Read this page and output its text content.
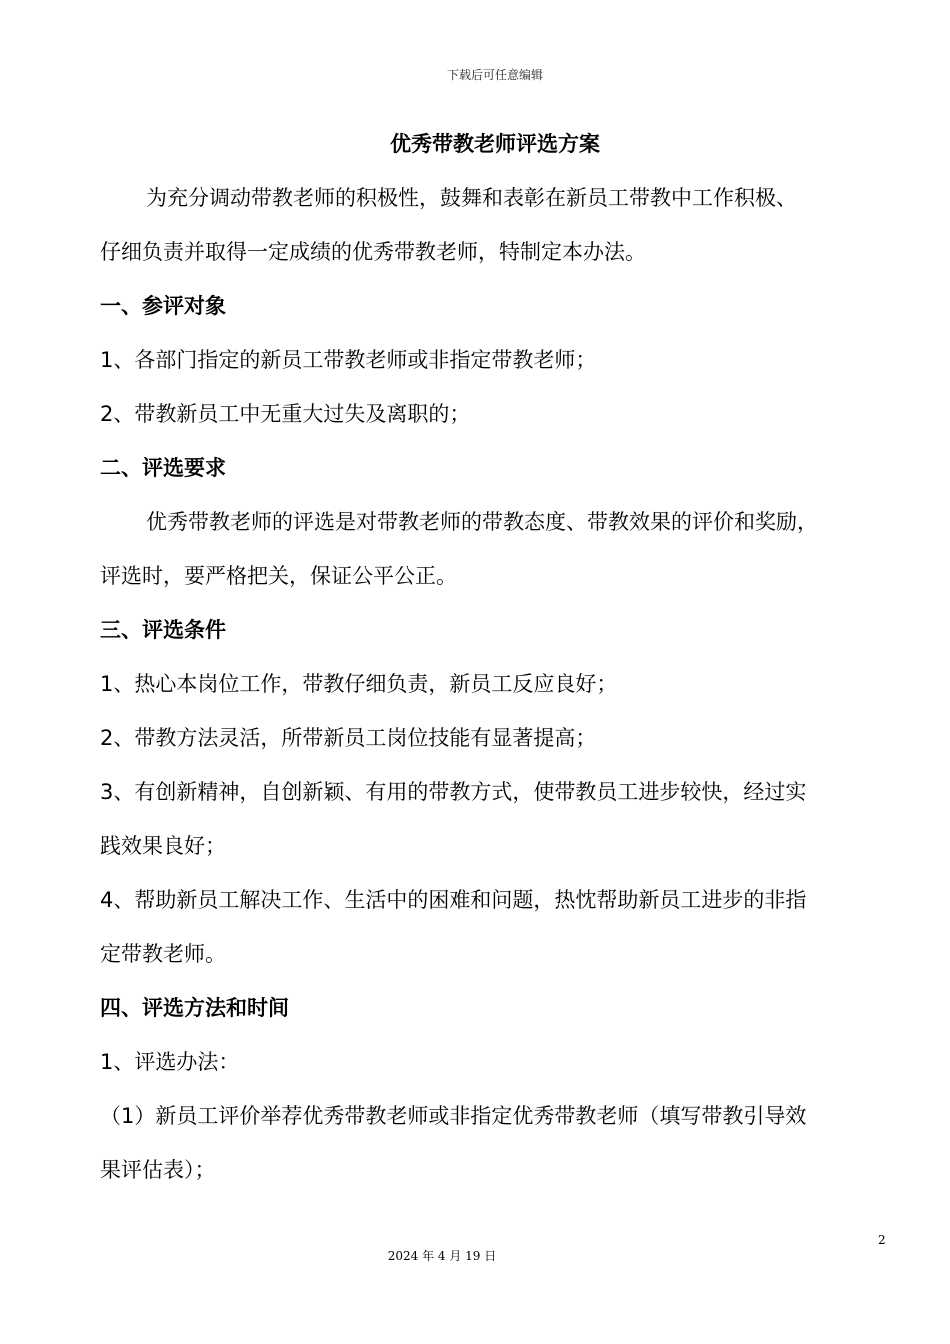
下载后可任意编辑
优秀带教老师评选方案
为充分调动带教老师的积极性，鼓舞和表彰在新员工带教中工作积极、
仔细负责并取得一定成绩的优秀带教老师，特制定本办法。
一、参评对象
1、各部门指定的新员工带教老师或非指定带教老师；
2、带教新员工中无重大过失及离职的；
二、评选要求
优秀带教老师的评选是对带教老师的带教态度、带教效果的评价和奖励，
评选时，要严格把关，保证公平公正。
三、评选条件
1、热心本岗位工作，带教仔细负责，新员工反应良好；
2、带教方法灵活，所带新员工岗位技能有显著提高；
3、有创新精神，自创新颖、有用的带教方式，使带教员工进步较快，经过实
践效果良好；
4、帮助新员工解决工作、生活中的困难和问题，热忱帮助新员工进步的非指
定带教老师。
四、评选方法和时间
1、评选办法：
（1）新员工评价举荐优秀带教老师或非指定优秀带教老师（填写带教引导效
果评估表）；
2
2024 年 4 月 19 日
